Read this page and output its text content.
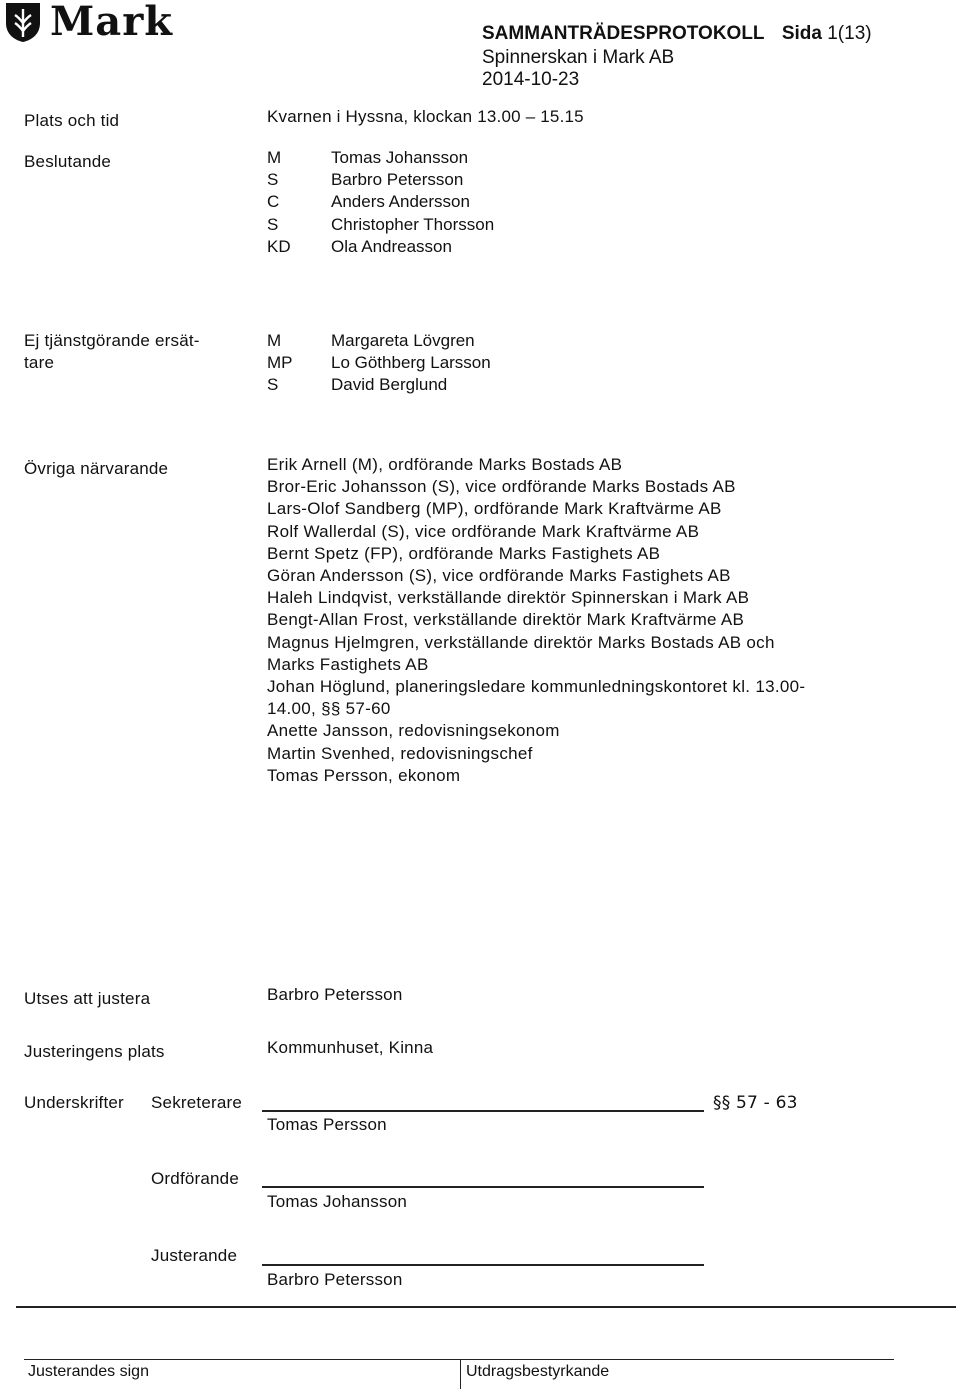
Mark	SAMMANTRÄDESPROTOKOLL Sida 1(13)
Spinnerskan i Mark AB
2014-10-23
Plats och tid	Kvarnen i Hyssna, klockan 13.00 – 15.15
Beslutande	M	Tomas Johansson
S	Barbro Petersson
C	Anders Andersson
S	Christopher Thorsson
KD Ola Andreasson
Ej tjänstgörande ersät-
tare
M	Margareta Lövgren
MP Lo Göthberg Larsson
S	David Berglund
Övriga närvarande	Erik Arnell (M), ordförande Marks Bostads AB
Bror-Eric Johansson (S), vice ordförande Marks Bostads AB
Lars-Olof Sandberg (MP), ordförande Mark Kraftvärme AB
Rolf Wallerdal (S), vice ordförande Mark Kraftvärme AB
Bernt Spetz (FP), ordförande Marks Fastighets AB
Göran Andersson (S), vice ordförande Marks Fastighets AB
Haleh Lindqvist, verkställande direktör Spinnerskan i Mark AB
Bengt-Allan Frost, verkställande direktör Mark Kraftvärme AB
Magnus Hjelmgren, verkställande direktör Marks Bostads AB och
Marks Fastighets AB
Johan Höglund, planeringsledare kommunledningskontoret kl. 13.00-
14.00, §§ 57-60
Anette Jansson, redovisningsekonom
Martin Svenhed, redovisningschef
Tomas Persson, ekonom
Utses att justera	Barbro Petersson
Justeringens plats	Kommunhuset, Kinna
Underskrifter Sekreterare	§§ 57 - 63
Tomas Persson
Ordförande
Tomas Johansson
Justerande
Barbro Petersson
Justerandes sign	Utdragsbestyrkande
